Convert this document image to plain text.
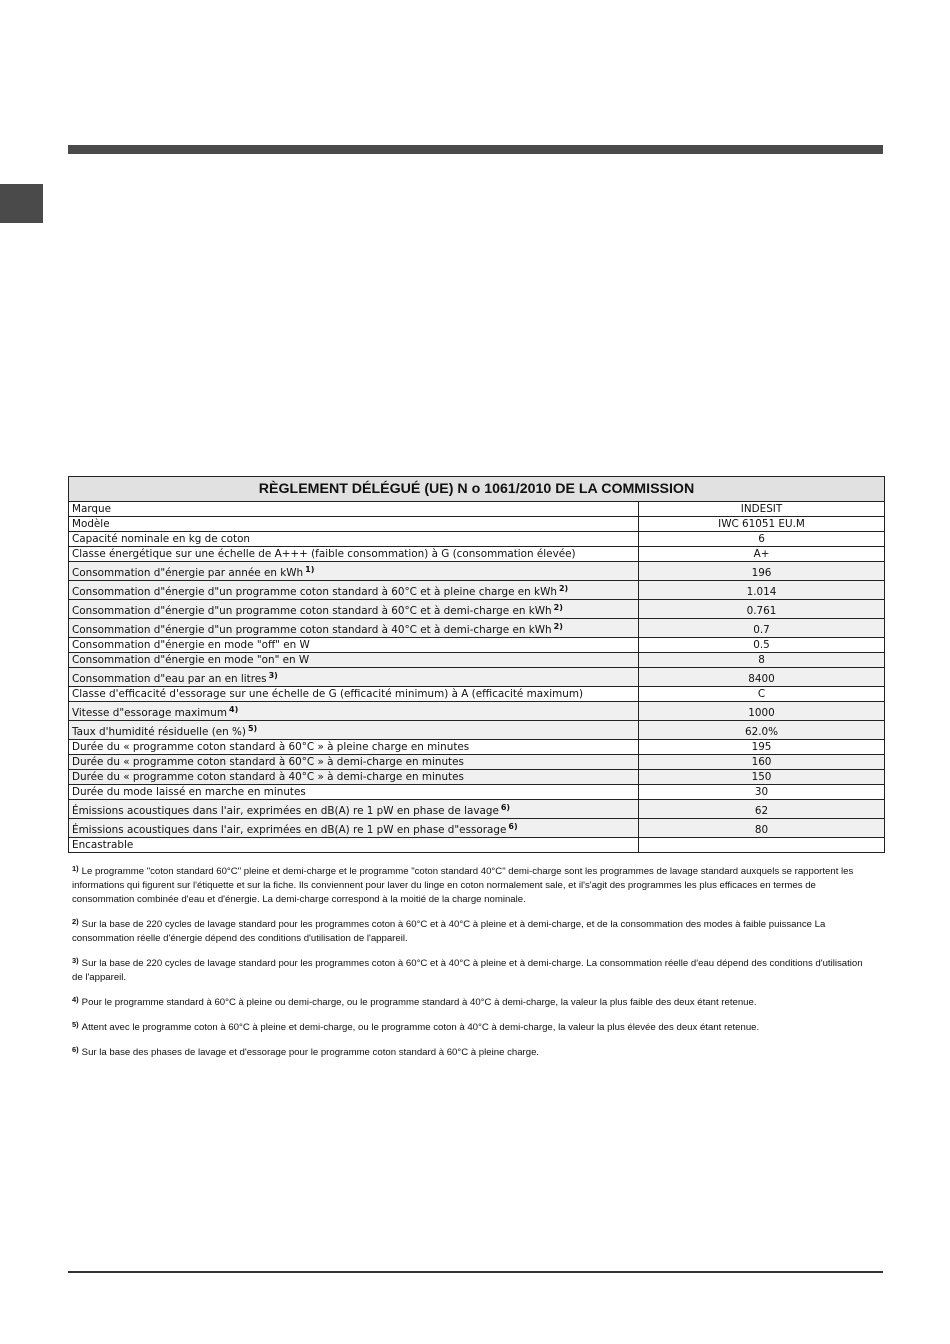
RÈGLEMENT DÉLÉGUÉ (UE) N o 1061/2010 DE LA COMMISSION	
Marque	INDESIT
Modèle	IWC 61051 EU.M
Capacité nominale en kg de coton	6
Classe énergétique sur une échelle de A+++ (faible consommation) à G (consommation élevée)	A+
Consommation d"énergie par année en kWh $^{1)}$	196
Consommation d"énergie d"un programme coton standard à 60°C et à pleine charge en kWh $^{2)}$	1.014
Consommation d"énergie d"un programme coton standard à 60°C et à demi-charge en kWh $^{2)}$	0.761
Consommation d"énergie d"un programme coton standard à 40°C et à demi-charge en kWh $^{2)}$	0.7
Consommation d"énergie en mode "off" en W	0.5
Consommation d"énergie en mode "on" en W	8
Consommation d"eau par an en litres $^{3)}$	8400
Classe d'efficacité d'essorage sur une échelle de G (efficacité minimum) à A (efficacité maximum)	C
Vitesse d"essorage maximum $^{4)}$	1000
Taux d'humidité résiduelle (en %) $^{5)}$	62.0%
Durée du « programme coton standard à 60°C » à pleine charge en minutes	195
Durée du « programme coton standard à 60°C » à demi-charge en minutes	160
Durée du « programme coton standard à 40°C » à demi-charge en minutes	150
Durée du mode laissé en marche en minutes	30
Émissions acoustiques dans l'air, exprimées en dB(A) re 1 pW en phase de lavage $^{6)}$	62
Émissions acoustiques dans l'air, exprimées en dB(A) re 1 pW en phase d"essorage $^{6)}$	80
Encastrable	

$^{1)}$ Le programme "coton standard 60°C" pleine et demi-charge et le programme "coton standard 40°C" demi-charge sont les programmes de lavage standard auxquels se rapportent les informations qui figurent sur l'étiquette et sur la fiche. Ils conviennent pour laver du linge en coton normalement sale, et il's'agit des programmes les plus efficaces en termes de consommation combinée d'eau et d'énergie. La demi-charge correspond à la moitié de la charge nominale.

$^{2)}$ Sur la base de 220 cycles de lavage standard pour les programmes coton à 60°C et à 40°C à pleine et à demi-charge, et de la consommation des modes à faible puissance La consommation réelle d'énergie dépend des conditions d'utilisation de l'appareil.

$^{3)}$ Sur la base de 220 cycles de lavage standard pour les programmes coton à 60°C et à 40°C à pleine et à demi-charge. La consommation réelle d'eau dépend des conditions d'utilisation de l'appareil.

$^{4)}$ Pour le programme standard à 60°C à pleine ou demi-charge, ou le programme standard à 40°C à demi-charge, la valeur la plus faible des deux étant retenue.

$^{5)}$ Attent avec le programme coton à 60°C à pleine et demi-charge, ou le programme coton à 40°C à demi-charge, la valeur la plus élevée des deux étant retenue.

$^{6)}$ Sur la base des phases de lavage et d'essorage pour le programme coton standard à 60°C à pleine charge.
